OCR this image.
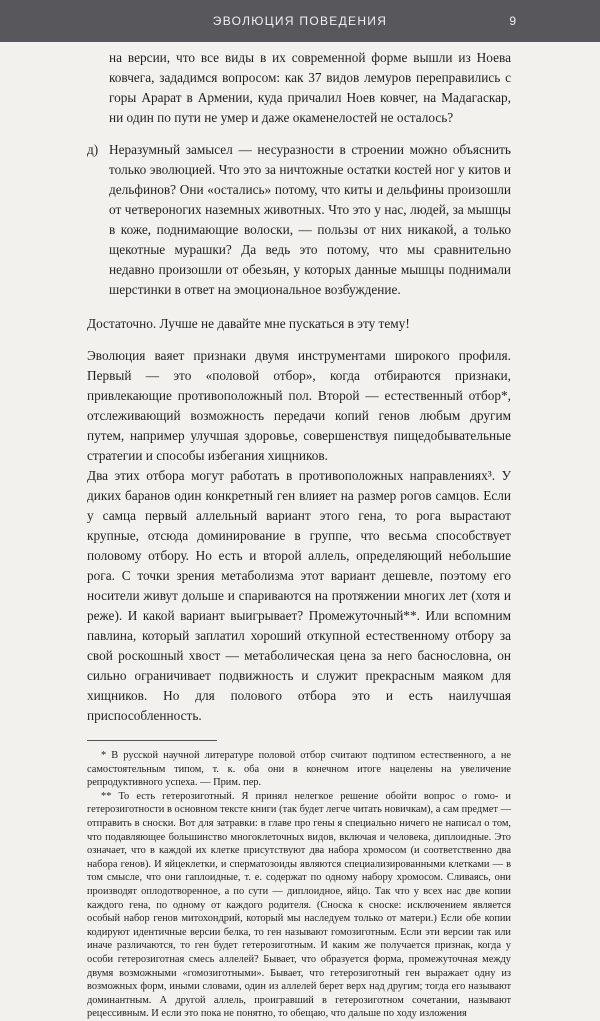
ЭВОЛЮЦИЯ ПОВЕДЕНИЯ	9

на версии, что все виды в их современной форме вышли из Ноева ковчега, зададимся вопросом: как 37 видов лемуров переправились с горы Арарат в Армении, куда причалил Ноев ковчег, на Мадагаскар, ни один по пути не умер и даже окаменелостей не осталось?

д) Неразумный замысел — несуразности в строении можно объяснить только эволюцией. Что это за ничтожные остатки костей ног у китов и дельфинов? Они «остались» потому, что киты и дельфины произошли от четвероногих наземных животных. Что это у нас, людей, за мышцы в коже, поднимающие волоски, — пользы от них никакой, а только щекотные мурашки? Да ведь это потому, что мы сравнительно недавно произошли от обезьян, у которых данные мышцы поднимали шерстинки в ответ на эмоциональное возбуждение.

Достаточно. Лучше не давайте мне пускаться в эту тему!

Эволюция ваяет признаки двумя инструментами широкого профиля. Первый — это «половой отбор», когда отбираются признаки, привлекающие противоположный пол. Второй — естественный отбор*, отслеживающий возможность передачи копий генов любым другим путем, например улучшая здоровье, совершенствуя пищедобывательные стратегии и способы избегания хищников.

Два этих отбора могут работать в противоположных направлениях³. У диких баранов один конкретный ген влияет на размер рогов самцов. Если у самца первый аллельный вариант этого гена, то рога вырастают крупные, отсюда доминирование в группе, что весьма способствует половому отбору. Но есть и второй аллель, определяющий небольшие рога. С точки зрения метаболизма этот вариант дешевле, поэтому его носители живут дольше и спариваются на протяжении многих лет (хотя и реже). И какой вариант выигрывает? Промежуточный**. Или вспомним павлина, который заплатил хороший откупной естественному отбору за свой роскошный хвост — метаболическая цена за него баснословна, он сильно ограничивает подвижность и служит прекрасным маяком для хищников. Но для полового отбора это и есть наилучшая приспособленность.

* В русской научной литературе половой отбор считают подтипом естественного, а не самостоятельным типом, т. к. оба они в конечном итоге нацелены на увеличение репродуктивного успеха. — Прим. пер.

** То есть гетерозиготный. Я принял нелегкое решение обойти вопрос о гомо- и гетерозиготности в основном тексте книги (так будет легче читать новичкам), а сам предмет — отправить в сноски. Вот для затравки: в главе про гены я специально ничего не написал о том, что подавляющее большинство многоклеточных видов, включая и человека, диплоидные. Это означает, что в каждой их клетке присутствуют два набора хромосом (и соответственно два набора генов). И яйцеклетки, и сперматозоиды являются специализированными клетками — в том смысле, что они гаплоидные, т. е. содержат по одному набору хромосом. Сливаясь, они производят оплодотворенное, а по сути — диплоидное, яйцо. Так что у всех нас две копии каждого гена, по одному от каждого родителя. (Сноска к сноске: исключением является особый набор генов митохондрий, который мы наследуем только от матери.) Если обе копии кодируют идентичные версии белка, то ген называют гомозиготным. Если эти версии так или иначе различаются, то ген будет гетерозиготным. И каким же получается признак, когда у особи гетерозиготная смесь аллелей? Бывает, что образуется форма, промежуточная между двумя возможными «гомозиготными». Бывает, что гетерозиготный ген выражает одну из возможных форм, иными словами, один из аллелей берет верх над другим; тогда его называют доминантным. А другой аллель, проигравший в гетерозиготном сочетании, называют рецессивным. И если это пока не понятно, то обещаю, что дальше по ходу изложения
